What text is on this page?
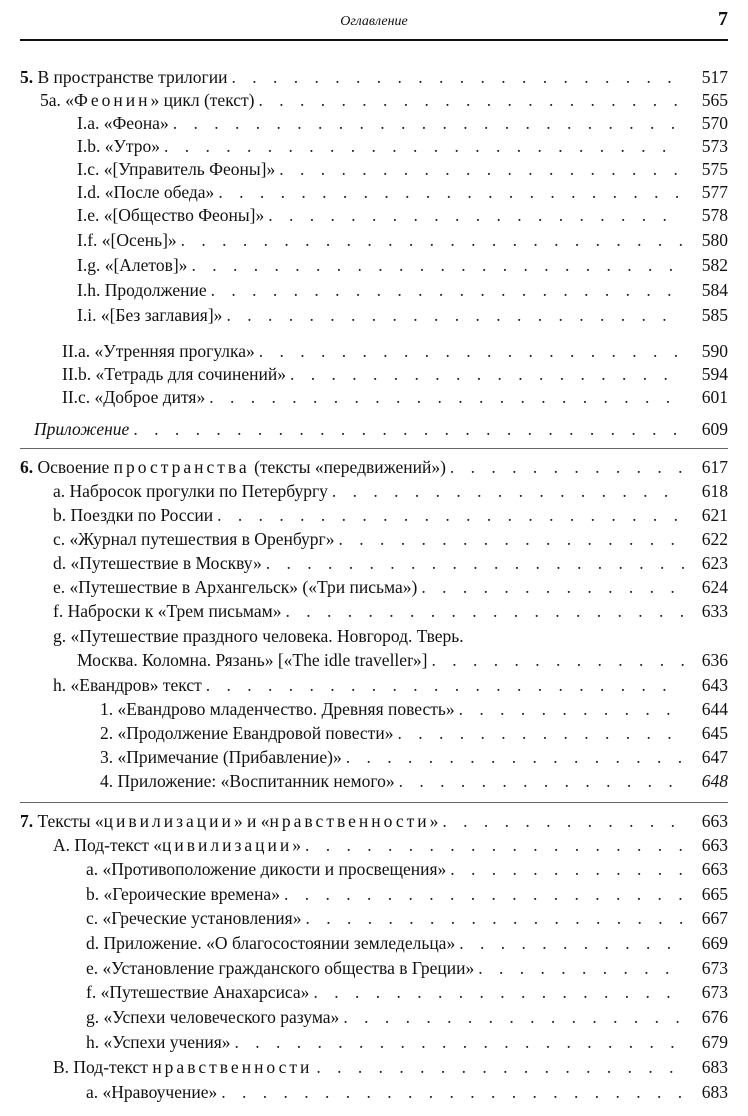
Оглавление	7
5. В пространстве трилогии . . .	517
5а. «Феонин» цикл (текст) . . .	565
I.a. «Феона» . . .	570
I.b. «Утро» . . .	573
I.c. «[Управитель Феоны]» . . .	575
I.d. «После обеда» . . .	577
I.e. «[Общество Феоны]» . . .	578
I.f. «[Осень]» . . .	580
I.g. «[Алетов]» . . .	582
I.h. Продолжение . . .	584
I.i. «[Без заглавия]» . . .	585
II.a. «Утренняя прогулка» . . .	590
II.b. «Тетрадь для сочинений» . . .	594
II.c. «Доброе дитя» . . .	601
Приложение . . .	609
6. Освоение пространства (тексты «передвижений») . . .	617
a. Набросок прогулки по Петербургу . . .	618
b. Поездки по России . . .	621
c. «Журнал путешествия в Оренбург» . . .	622
d. «Путешествие в Москву» . . .	623
e. «Путешествие в Архангельск» («Три письма») . . .	624
f. Наброски к «Трем письмам» . . .	633
g. «Путешествие праздного человека. Новгород. Тверь.
Москва. Коломна. Рязань» [«The idle traveller»] . . .	636
h. «Евандров» текст . . .	643
1. «Евандрово младенчество. Древняя повесть» . . .	644
2. «Продолжение Евандровой повести» . . .	645
3. «Примечание (Прибавление)» . . .	647
4. Приложение: «Воспитанник немого» . . .	648
7. Тексты «цивилизации» и «нравственности» . . .	663
A. Под-текст «цивилизации» . . .	663
a. «Противоположение дикости и просвещения» . . .	663
b. «Героические времена» . . .	665
c. «Греческие установления» . . .	667
d. Приложение. «О благосостоянии земледельца» . . .	669
e. «Установление гражданского общества в Греции» . . .	673
f. «Путешествие Анахарсиса» . . .	673
g. «Успехи человеческого разума» . . .	676
h. «Успехи учения» . . .	679
B. Под-текст нравственности . . .	683
a. «Нравоучение» . . .	683
